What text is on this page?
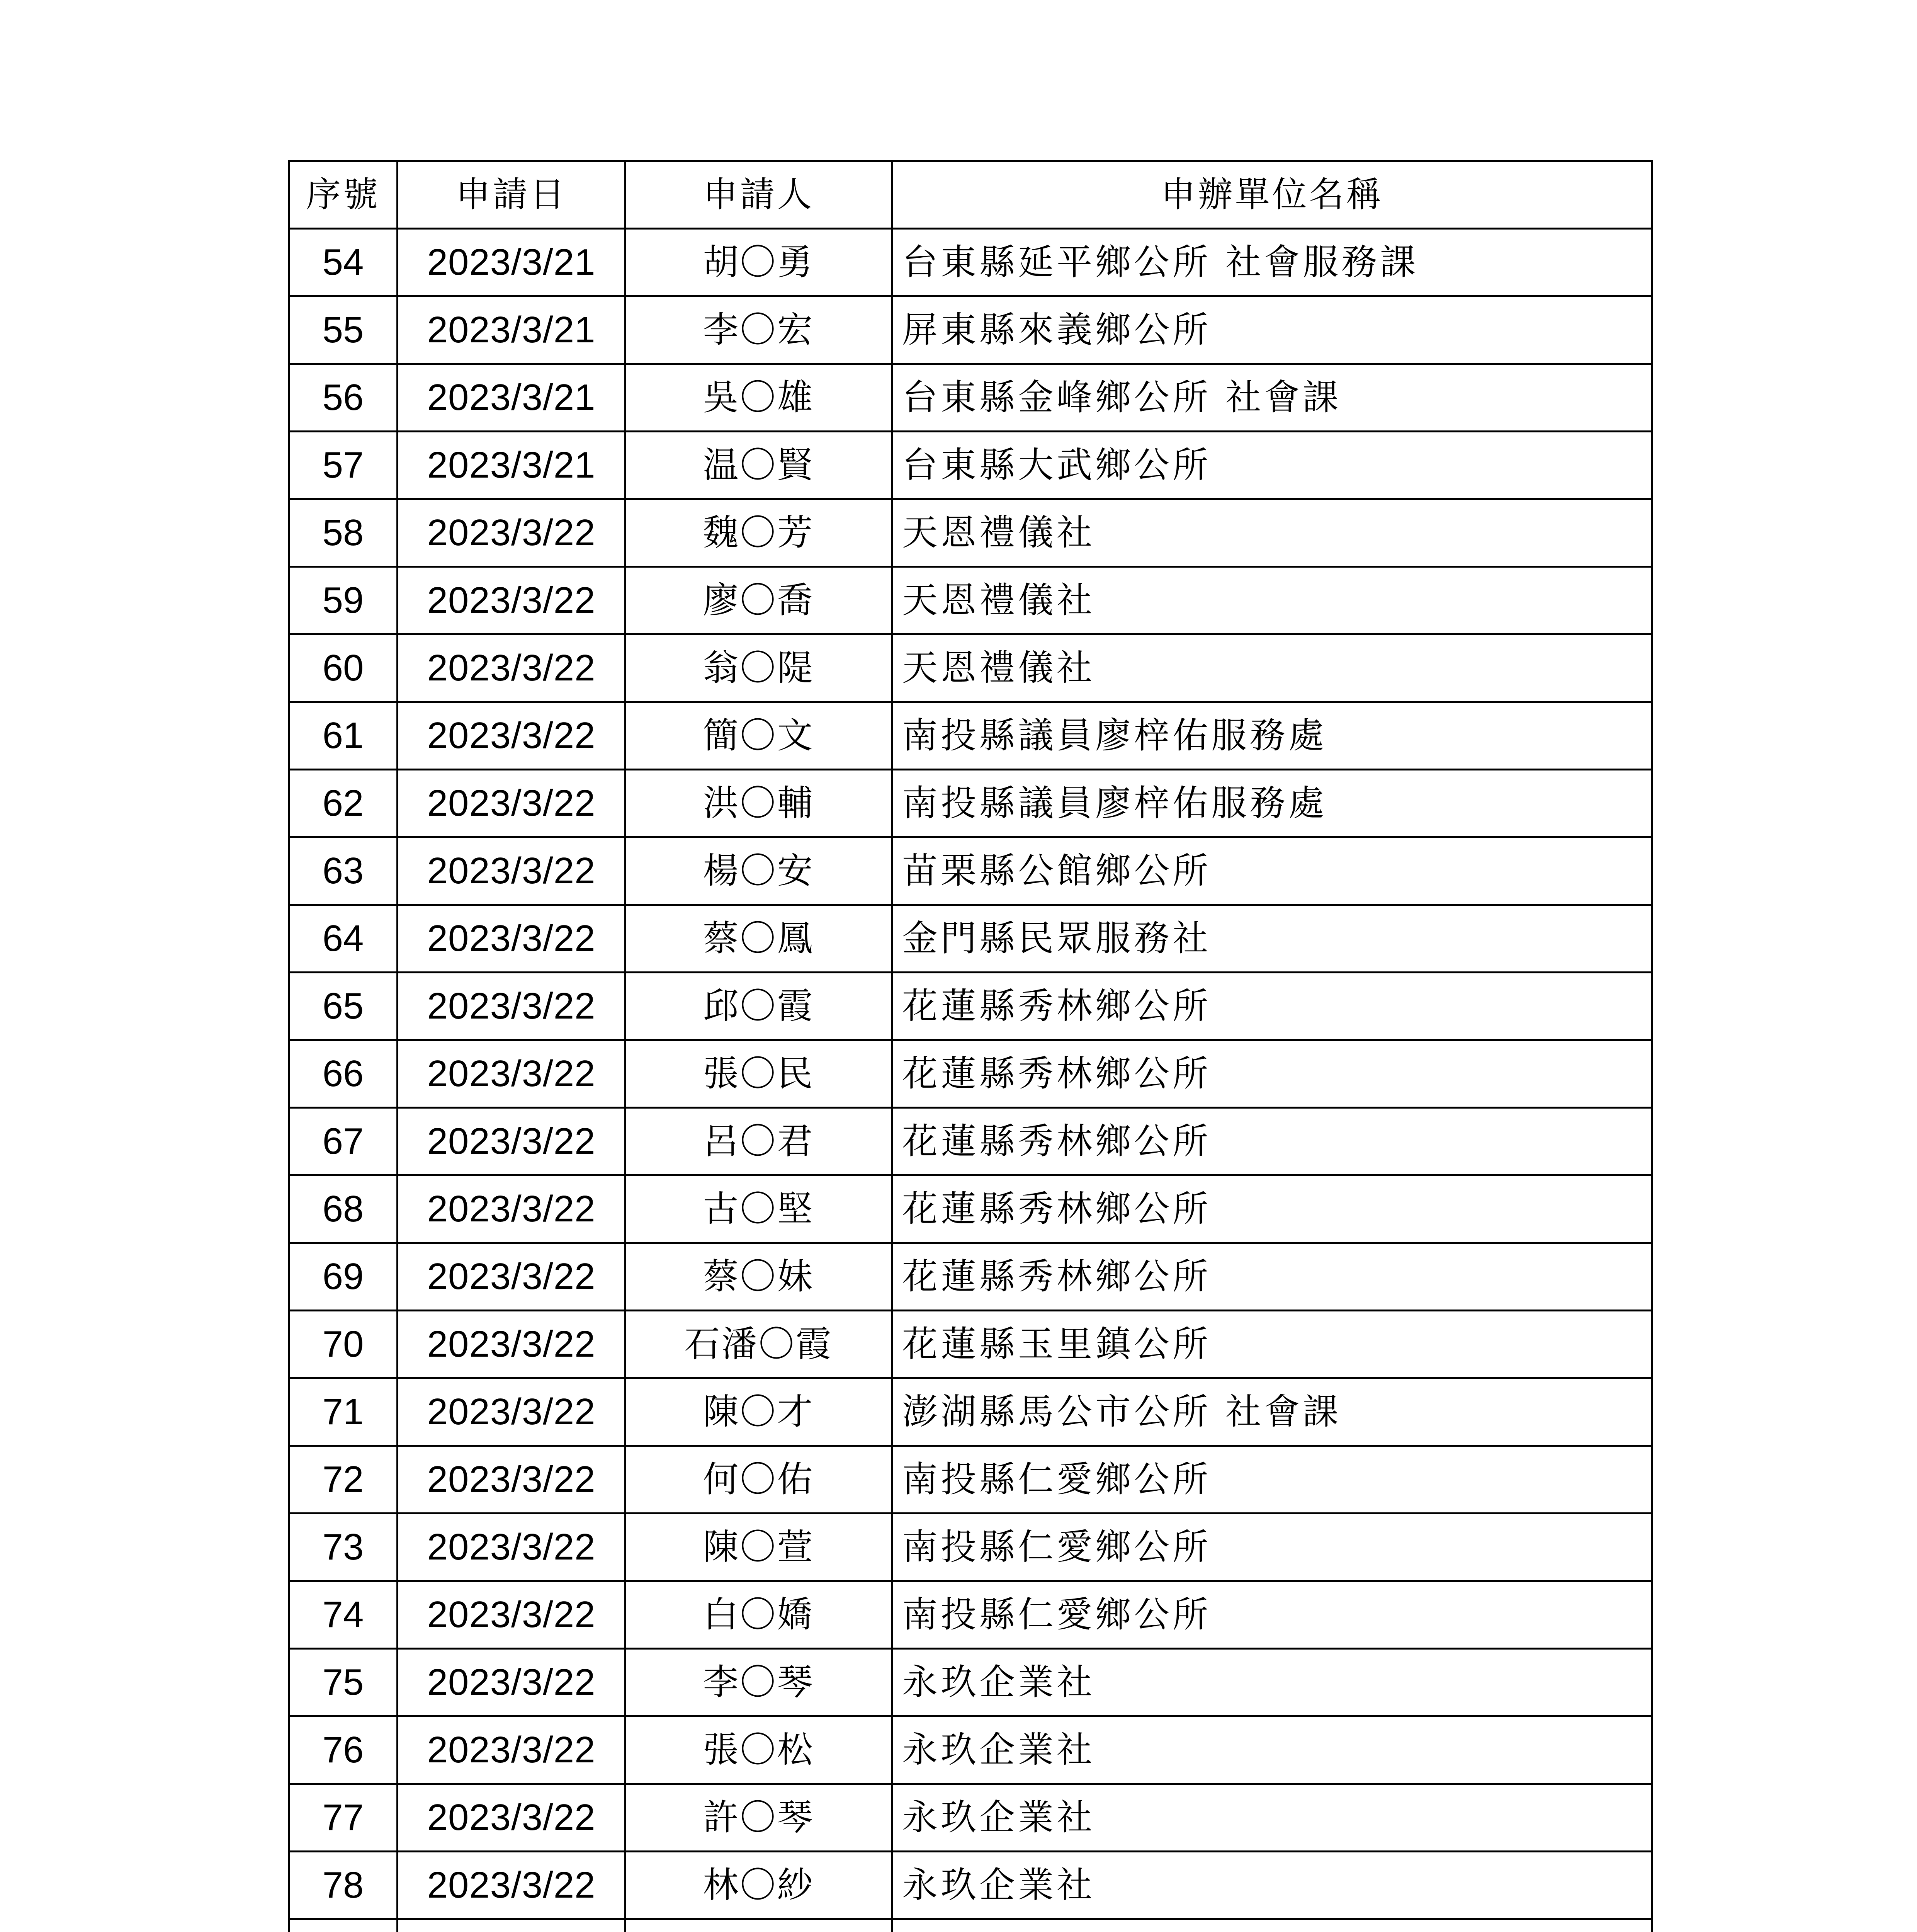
序號	申請日	申請人	申辦單位名稱
54	2023/3/21	胡〇勇	台東縣延平鄉公所 社會服務課
55	2023/3/21	李〇宏	屏東縣來義鄉公所
56	2023/3/21	吳〇雄	台東縣金峰鄉公所 社會課
57	2023/3/21	温〇賢	台東縣大武鄉公所
58	2023/3/22	魏〇芳	天恩禮儀社
59	2023/3/22	廖〇喬	天恩禮儀社
60	2023/3/22	翁〇隄	天恩禮儀社
61	2023/3/22	簡〇文	南投縣議員廖梓佑服務處
62	2023/3/22	洪〇輔	南投縣議員廖梓佑服務處
63	2023/3/22	楊〇安	苗栗縣公館鄉公所
64	2023/3/22	蔡〇鳳	金門縣民眾服務社
65	2023/3/22	邱〇霞	花蓮縣秀林鄉公所
66	2023/3/22	張〇民	花蓮縣秀林鄉公所
67	2023/3/22	呂〇君	花蓮縣秀林鄉公所
68	2023/3/22	古〇堅	花蓮縣秀林鄉公所
69	2023/3/22	蔡〇妹	花蓮縣秀林鄉公所
70	2023/3/22	石潘〇霞	花蓮縣玉里鎮公所
71	2023/3/22	陳〇才	澎湖縣馬公市公所 社會課
72	2023/3/22	何〇佑	南投縣仁愛鄉公所
73	2023/3/22	陳〇萱	南投縣仁愛鄉公所
74	2023/3/22	白〇嬌	南投縣仁愛鄉公所
75	2023/3/22	李〇琴	永玖企業社
76	2023/3/22	張〇松	永玖企業社
77	2023/3/22	許〇琴	永玖企業社
78	2023/3/22	林〇紗	永玖企業社
